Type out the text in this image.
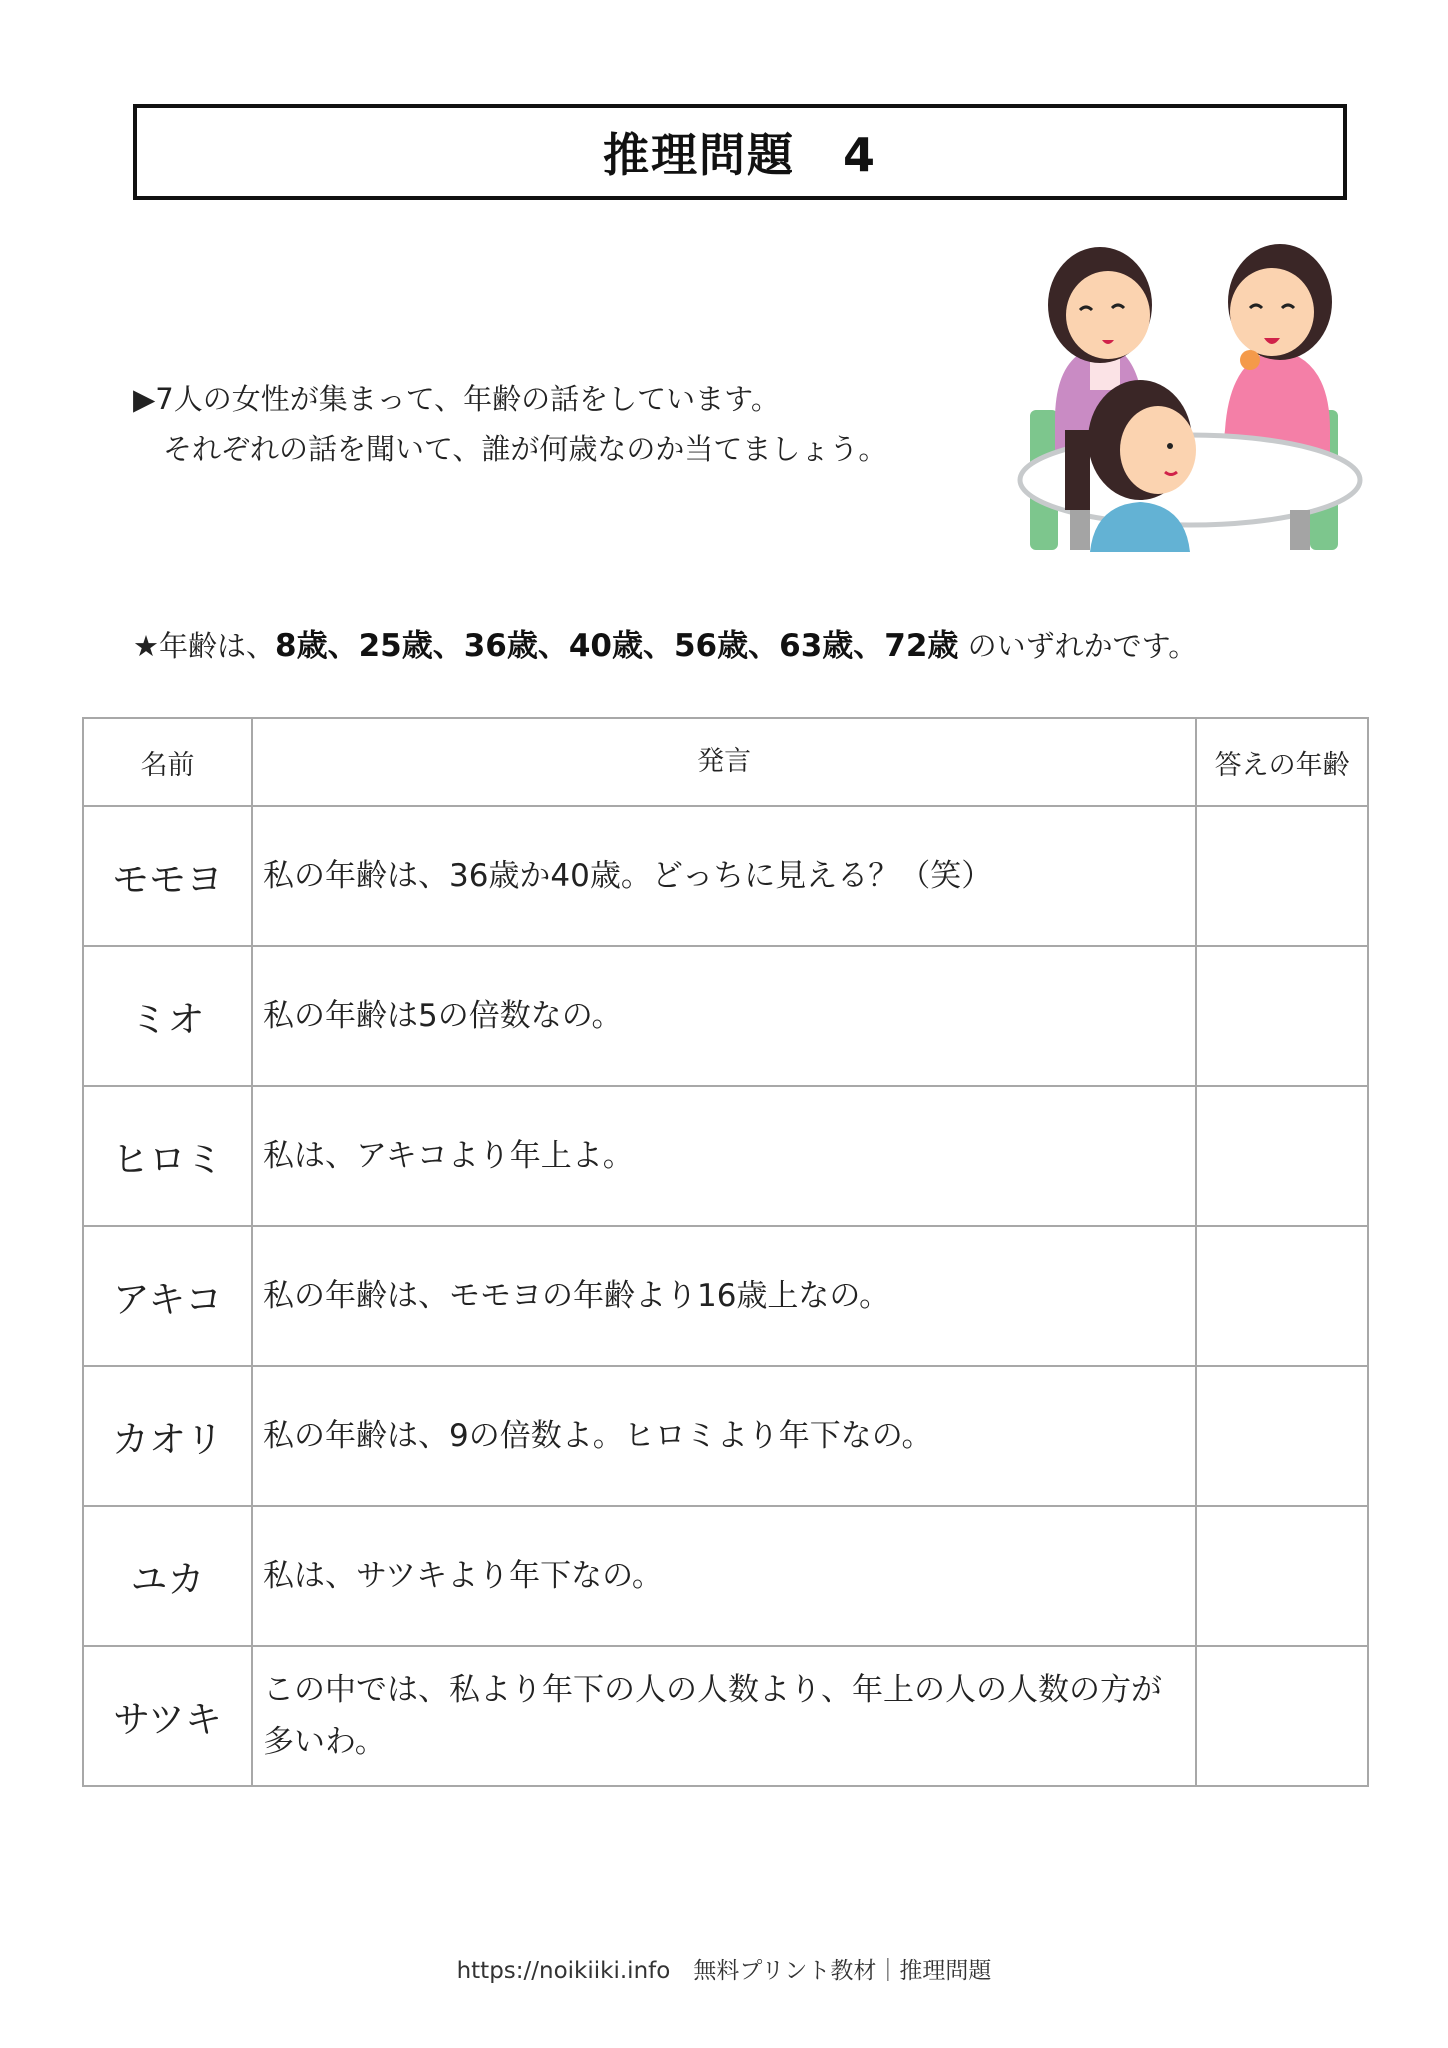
推理問題　4
▶7人の女性が集まって、年齢の話をしています。
それぞれの話を聞いて、誰が何歳なのか当てましょう。
★年齢は、8歳、25歳、36歳、40歳、56歳、63歳、72歳 のいずれかです。
名前	発言	答えの年齢
モモヨ	私の年齢は、36歳か40歳。どっちに見える？（笑）	
ミオ	私の年齢は5の倍数なの。	
ヒロミ	私は、アキコより年上よ。	
アキコ	私の年齢は、モモヨの年齢より16歳上なの。	
カオリ	私の年齢は、9の倍数よ。ヒロミより年下なの。	
ユカ	私は、サツキより年下なの。	
サツキ	この中では、私より年下の人の人数より、年上の人の人数の方が多いわ。	
https://noikiiki.info　無料プリント教材｜推理問題
